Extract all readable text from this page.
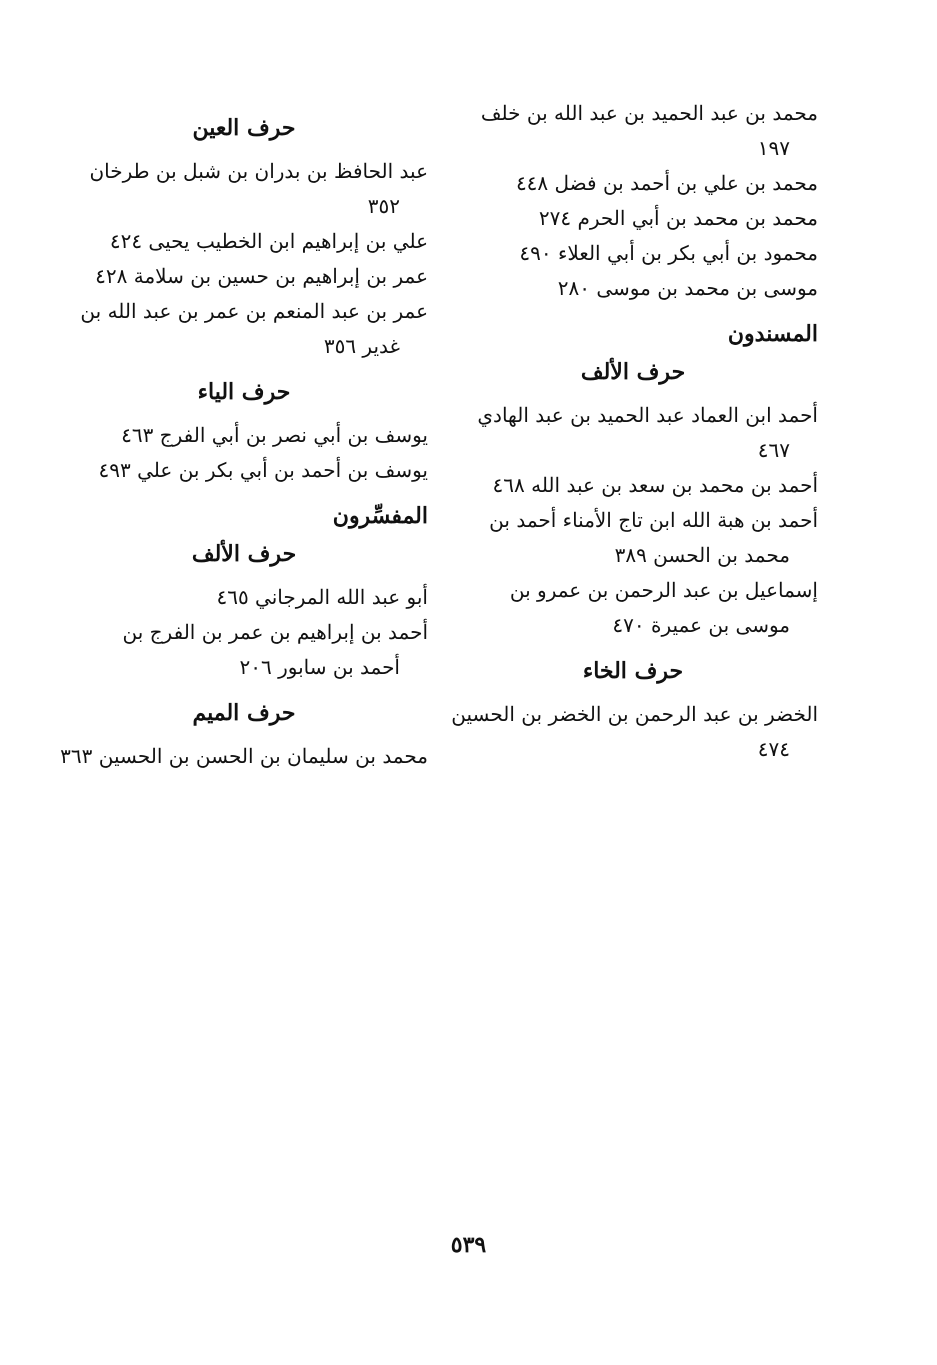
محمد بن عبد الحميد بن عبد الله بن خلف
١٩٧
محمد بن علي بن أحمد بن فضل ٤٤٨
محمد بن محمد بن أبي الحرم ٢٧٤
محمود بن أبي بكر بن أبي العلاء ٤٩٠
موسى بن محمد بن موسى ٢٨٠
المسندون
حرف الألف
أحمد ابن العماد عبد الحميد بن عبد الهادي
٤٦٧
أحمد بن محمد بن سعد بن عبد الله ٤٦٨
أحمد بن هبة الله ابن تاج الأمناء أحمد بن
محمد بن الحسن ٣٨٩
إسماعيل بن عبد الرحمن بن عمرو بن
موسى بن عميرة ٤٧٠
حرف الخاء
الخضر بن عبد الرحمن بن الخضر بن الحسين
٤٧٤
حرف العين
عبد الحافظ بن بدران بن شبل بن طرخان
٣٥٢
علي بن إبراهيم ابن الخطيب يحيى ٤٢٤
عمر بن إبراهيم بن حسين بن سلامة ٤٢٨
عمر بن عبد المنعم بن عمر بن عبد الله بن
غدير ٣٥٦
حرف الياء
يوسف بن أبي نصر بن أبي الفرج ٤٦٣
يوسف بن أحمد بن أبي بكر بن علي ٤٩٣
المفسِّرون
حرف الألف
أبو عبد الله المرجاني ٤٦٥
أحمد بن إبراهيم بن عمر بن الفرج بن
أحمد بن سابور ٢٠٦
حرف الميم
محمد بن سليمان بن الحسن بن الحسين ٣٦٣
٥٣٩
